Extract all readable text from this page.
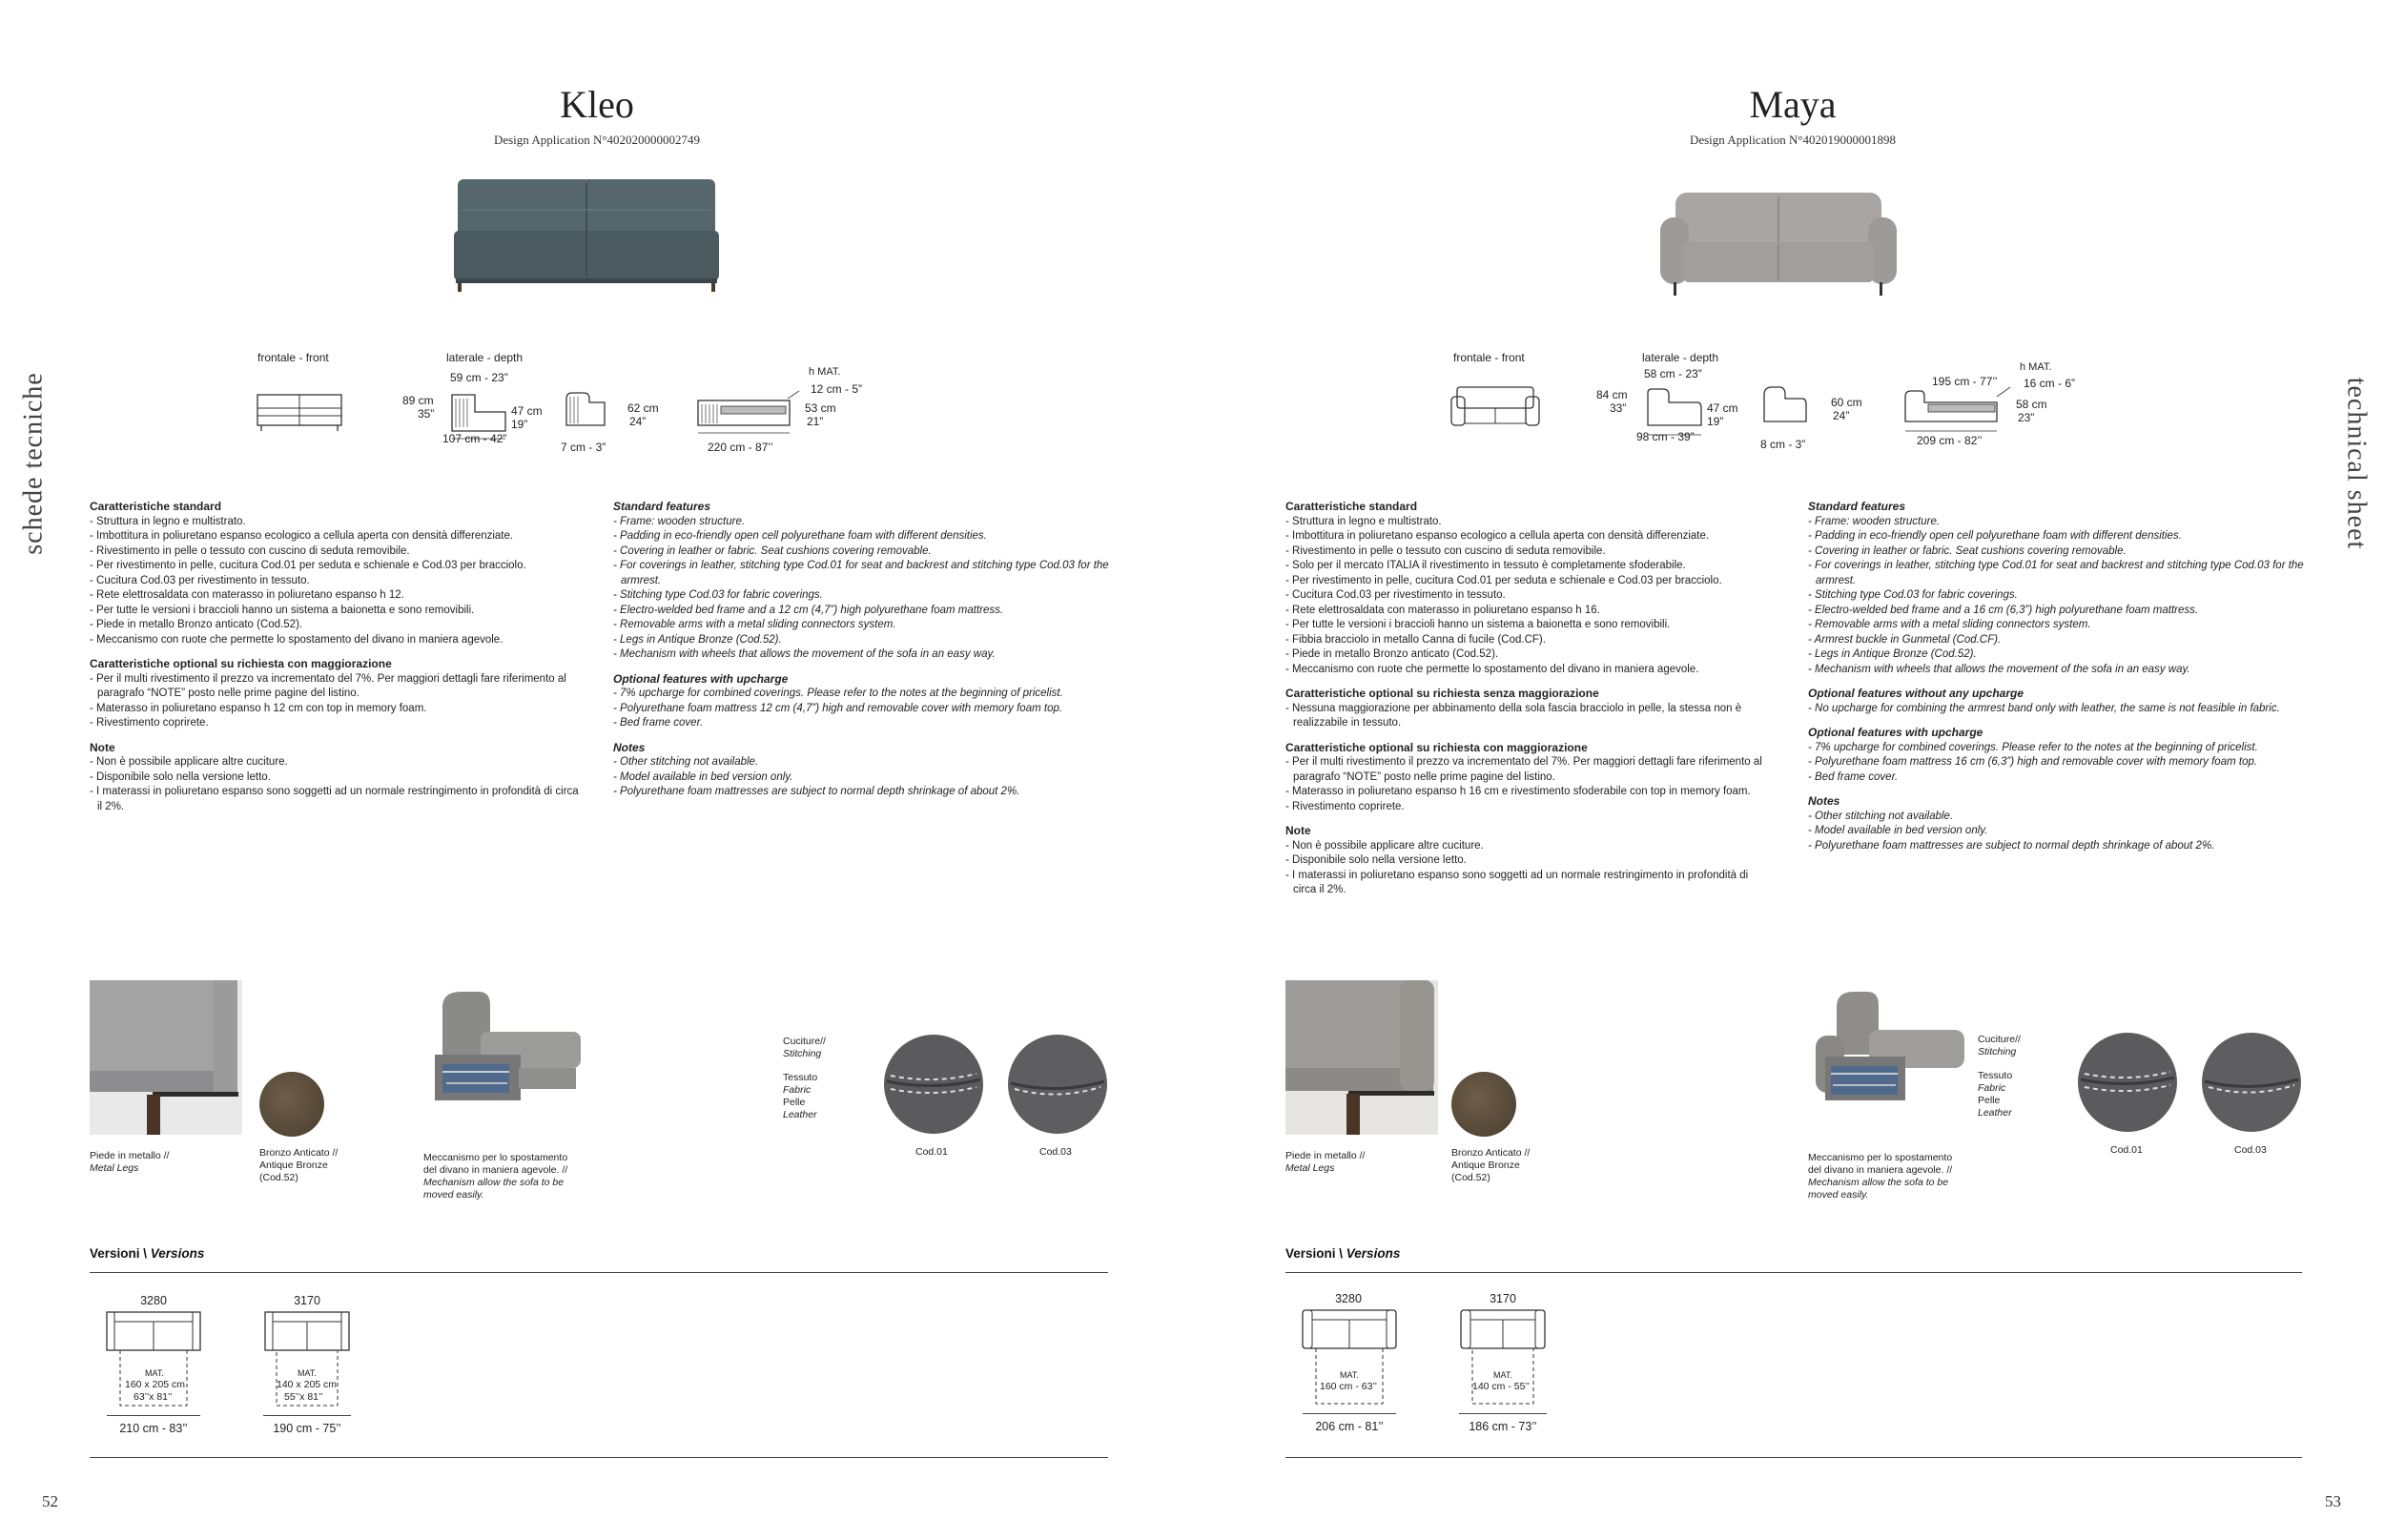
schede tecniche	technical sheet
52	53
Kleo
Design Application N°402020000002749
frontale - front	laterale - depth
59 cm - 23”
89 cm
35”	47 cm
19”
107 cm - 42”
62 cm
24”
7 cm - 3”
h MAT.
12 cm - 5”
53 cm
21”
220 cm - 87’’
Caratteristiche standard
- Struttura in legno e multistrato.
- Imbottitura in poliuretano espanso ecologico a cellula aperta con densità differenziate.
- Rivestimento in pelle o tessuto con cuscino di seduta removibile.
- Per rivestimento in pelle, cucitura Cod.01 per seduta e schienale e Cod.03 per bracciolo.
- Cucitura Cod.03 per rivestimento in tessuto.
- Rete elettrosaldata con materasso in poliuretano espanso h 12.
- Per tutte le versioni i braccioli hanno un sistema a baionetta e sono removibili.
- Piede in metallo Bronzo anticato (Cod.52).
- Meccanismo con ruote che permette lo spostamento del divano in maniera agevole.
Caratteristiche optional su richiesta con maggiorazione
- Per il multi rivestimento il prezzo va incrementato del 7%. Per maggiori dettagli fare riferimento al paragrafo “NOTE” posto nelle prime pagine del listino.
- Materasso in poliuretano espanso h 12 cm con top in memory foam.
- Rivestimento coprirete.
Note
- Non è possibile applicare altre cuciture.
- Disponibile solo nella versione letto.
- I materassi in poliuretano espanso sono soggetti ad un normale restringimento in profondità di circa il 2%.
Standard features
- Frame: wooden structure.
- Padding in eco-friendly open cell polyurethane foam with different densities.
- Covering in leather or fabric. Seat cushions covering removable.
- For coverings in leather, stitching type Cod.01 for seat and backrest and stitching type Cod.03 for the armrest.
- Stitching type Cod.03 for fabric coverings.
- Electro-welded bed frame and a 12 cm (4,7”) high polyurethane foam mattress.
- Removable arms with a metal sliding connectors system.
- Legs in Antique Bronze (Cod.52).
- Mechanism with wheels that allows the movement of the sofa in an easy way.
Optional features with upcharge
- 7% upcharge for combined coverings. Please refer to the notes at the beginning of pricelist.
- Polyurethane foam mattress 12 cm (4,7”) high and removable cover with memory foam top.
- Bed frame cover.
Notes
- Other stitching not available.
- Model available in bed version only.
- Polyurethane foam mattresses are subject to normal depth shrinkage of about 2%.
Piede in metallo //
Metal Legs
Bronzo Anticato //
Antique Bronze
(Cod.52)
Meccanismo per lo spostamento
del divano in maniera agevole. //
Mechanism allow the sofa to be
moved easily.
Cuciture//
Stitching
Tessuto
Fabric
Pelle
Leather
Cod.01	Cod.03
Versioni \ Versions
3280
MAT.
160 x 205 cm
63’’x 81’’
210 cm - 83’’
3170
MAT.
140 x 205 cm
55’’x 81’’
190 cm - 75’’
Maya
Design Application N°402019000001898
frontale - front	laterale - depth
58 cm - 23”
84 cm
33”	47 cm
19”
98 cm - 39”
60 cm
24”
8 cm - 3”
195 cm - 77’’
h MAT.
16 cm - 6”
58 cm
23”
209 cm - 82’’
Caratteristiche standard
- Struttura in legno e multistrato.
- Imbottitura in poliuretano espanso ecologico a cellula aperta con densità differenziate.
- Rivestimento in pelle o tessuto con cuscino di seduta removibile.
- Solo per il mercato ITALIA il rivestimento in tessuto è completamente sfoderabile.
- Per rivestimento in pelle, cucitura Cod.01 per seduta e schienale e Cod.03 per bracciolo.
- Cucitura Cod.03 per rivestimento in tessuto.
- Rete elettrosaldata con materasso in poliuretano espanso h 16.
- Per tutte le versioni i braccioli hanno un sistema a baionetta e sono removibili.
- Fibbia bracciolo in metallo Canna di fucile (Cod.CF).
- Piede in metallo Bronzo anticato (Cod.52).
- Meccanismo con ruote che permette lo spostamento del divano in maniera agevole.
Caratteristiche optional su richiesta senza maggiorazione
- Nessuna maggiorazione per abbinamento della sola fascia bracciolo in pelle, la stessa non è realizzabile in tessuto.
Caratteristiche optional su richiesta con maggiorazione
- Per il multi rivestimento il prezzo va incrementato del 7%. Per maggiori dettagli fare riferimento al paragrafo “NOTE” posto nelle prime pagine del listino.
- Materasso in poliuretano espanso h 16 cm e rivestimento sfoderabile con top in memory foam.
- Rivestimento coprirete.
Note
- Non è possibile applicare altre cuciture.
- Disponibile solo nella versione letto.
- I materassi in poliuretano espanso sono soggetti ad un normale restringimento in profondità di circa il 2%.
Standard features
- Frame: wooden structure.
- Padding in eco-friendly open cell polyurethane foam with different densities.
- Covering in leather or fabric. Seat cushions covering removable.
- For coverings in leather, stitching type Cod.01 for seat and backrest and stitching type Cod.03 for the armrest.
- Stitching type Cod.03 for fabric coverings.
- Electro-welded bed frame and a 16 cm (6,3”) high polyurethane foam mattress.
- Removable arms with a metal sliding connectors system.
- Armrest buckle in Gunmetal (Cod.CF).
- Legs in Antique Bronze (Cod.52).
- Mechanism with wheels that allows the movement of the sofa in an easy way.
Optional features without any upcharge
- No upcharge for combining the armrest band only with leather, the same is not feasible in fabric.
Optional features with upcharge
- 7% upcharge for combined coverings. Please refer to the notes at the beginning of pricelist.
- Polyurethane foam mattress 16 cm (6,3”) high and removable cover with memory foam top.
- Bed frame cover.
Notes
- Other stitching not available.
- Model available in bed version only.
- Polyurethane foam mattresses are subject to normal depth shrinkage of about 2%.
Piede in metallo //
Metal Legs
Bronzo Anticato //
Antique Bronze
(Cod.52)
Meccanismo per lo spostamento
del divano in maniera agevole. //
Mechanism allow the sofa to be
moved easily.
Cuciture//
Stitching
Tessuto
Fabric
Pelle
Leather
Cod.01	Cod.03
Versioni \ Versions
3280
MAT.
160 cm - 63’’
206 cm - 81’’
3170
MAT.
140 cm - 55’’
186 cm - 73’’
